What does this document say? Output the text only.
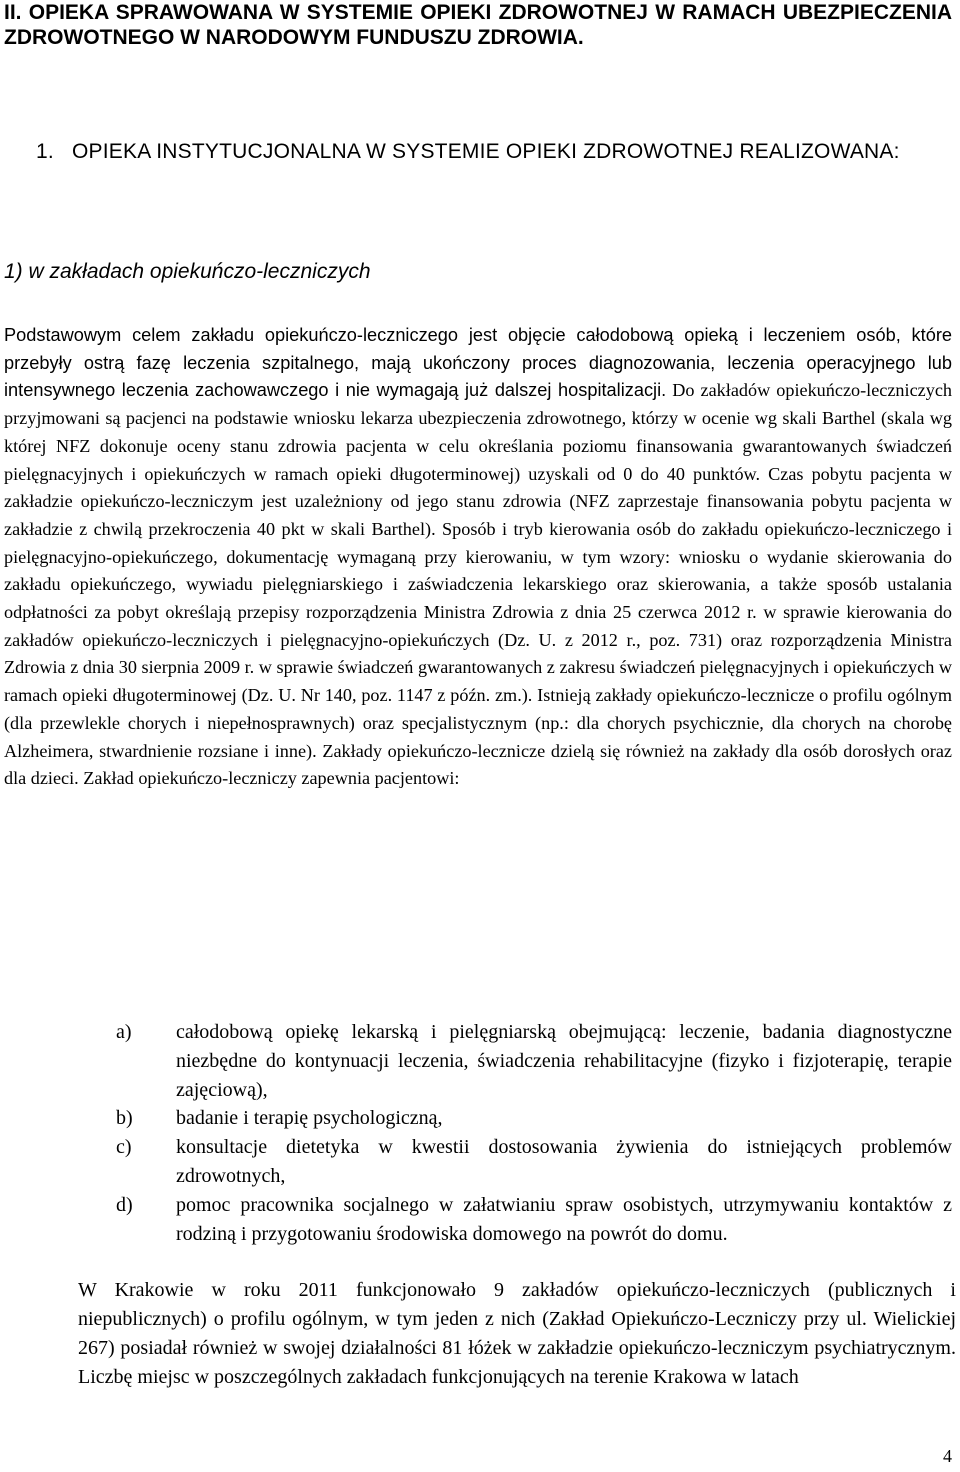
II. OPIEKA SPRAWOWANA W SYSTEMIE OPIEKI ZDROWOTNEJ W RAMACH UBEZPIECZENIA ZDROWOTNEGO W NARODOWYM FUNDUSZU ZDROWIA.
1. OPIEKA INSTYTUCJONALNA W SYSTEMIE OPIEKI ZDROWOTNEJ REALIZOWANA:
1) w zakładach opiekuńczo-leczniczych
Podstawowym celem zakładu opiekuńczo-leczniczego jest objęcie całodobową opieką i leczeniem osób, które przebyły ostrą fazę leczenia szpitalnego, mają ukończony proces diagnozowania, leczenia operacyjnego lub intensywnego leczenia zachowawczego i nie wymagają już dalszej hospitalizacji. Do zakładów opiekuńczo-leczniczych przyjmowani są pacjenci na podstawie wniosku lekarza ubezpieczenia zdrowotnego, którzy w ocenie wg skali Barthel (skala wg której NFZ dokonuje oceny stanu zdrowia pacjenta w celu określania poziomu finansowania gwarantowanych świadczeń pielęgnacyjnych i opiekuńczych w ramach opieki długoterminowej) uzyskali od 0 do 40 punktów. Czas pobytu pacjenta w zakładzie opiekuńczo-leczniczym jest uzależniony od jego stanu zdrowia (NFZ zaprzestaje finansowania pobytu pacjenta w zakładzie z chwilą przekroczenia 40 pkt w skali Barthel). Sposób i tryb kierowania osób do zakładu opiekuńczo-leczniczego i pielęgnacyjno-opiekuńczego, dokumentację wymaganą przy kierowaniu, w tym wzory: wniosku o wydanie skierowania do zakładu opiekuńczego, wywiadu pielęgniarskiego i zaświadczenia lekarskiego oraz skierowania, a także sposób ustalania odpłatności za pobyt określają przepisy rozporządzenia Ministra Zdrowia z dnia 25 czerwca 2012 r. w sprawie kierowania do zakładów opiekuńczo-leczniczych i pielęgnacyjno-opiekuńczych (Dz. U. z 2012 r., poz. 731) oraz rozporządzenia Ministra Zdrowia z dnia 30 sierpnia 2009 r. w sprawie świadczeń gwarantowanych z zakresu świadczeń pielęgnacyjnych i opiekuńczych w ramach opieki długoterminowej (Dz. U. Nr 140, poz. 1147 z późn. zm.). Istnieją zakłady opiekuńczo-lecznicze o profilu ogólnym (dla przewlekle chorych i niepełnosprawnych) oraz specjalistycznym (np.: dla chorych psychicznie, dla chorych na chorobę Alzheimera, stwardnienie rozsiane i inne). Zakłady opiekuńczo-lecznicze dzielą się również na zakłady dla osób dorosłych oraz dla dzieci. Zakład opiekuńczo-leczniczy zapewnia pacjentowi:
a) całodobową opiekę lekarską i pielęgniarską obejmującą: leczenie, badania diagnostyczne niezbędne do kontynuacji leczenia, świadczenia rehabilitacyjne (fizyko i fizjoterapię, terapie zajęciową),
b) badanie i terapię psychologiczną,
c) konsultacje dietetyka w kwestii dostosowania żywienia do istniejących problemów zdrowotnych,
d) pomoc pracownika socjalnego w załatwianiu spraw osobistych, utrzymywaniu kontaktów z rodziną i przygotowaniu środowiska domowego na powrót do domu.
W Krakowie w roku 2011 funkcjonowało 9 zakładów opiekuńczo-leczniczych (publicznych i niepublicznych) o profilu ogólnym, w tym jeden z nich (Zakład Opiekuńczo-Leczniczy przy ul. Wielickiej 267) posiadał również w swojej działalności 81 łóżek w zakładzie opiekuńczo-leczniczym psychiatrycznym. Liczbę miejsc w poszczególnych zakładach funkcjonujących na terenie Krakowa w latach
4
